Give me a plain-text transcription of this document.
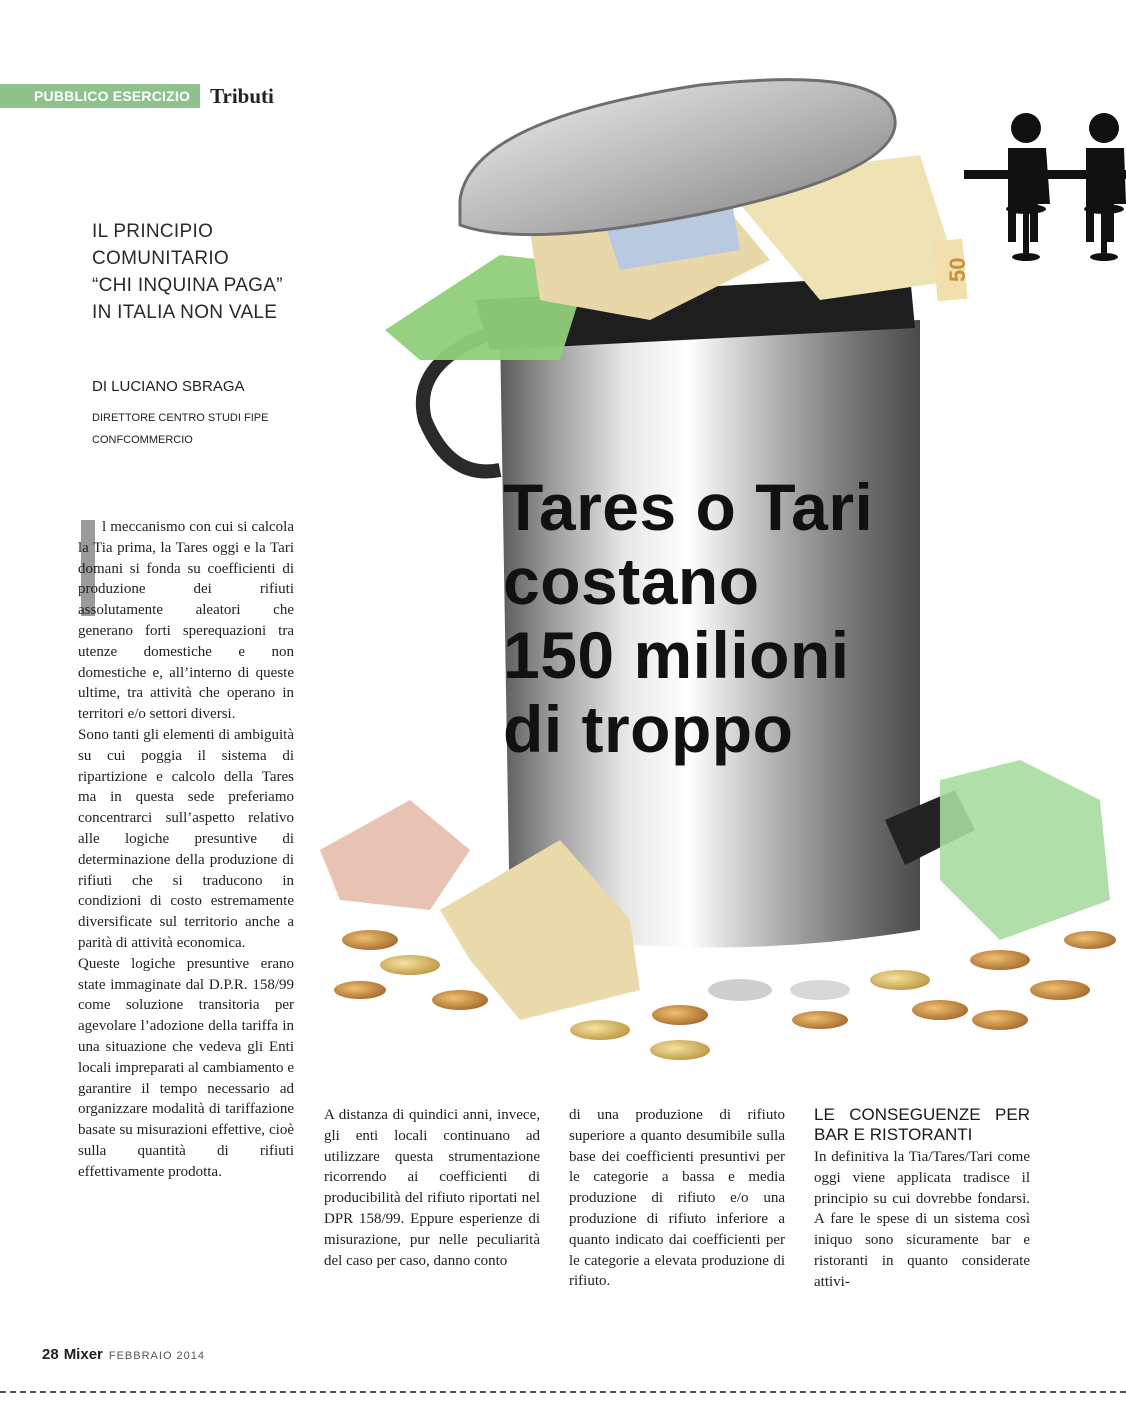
PUBBLICO ESERCIZIO Tributi
50
IL PRINCIPIO
COMUNITARIO
“CHI INQUINA PAGA”
IN ITALIA NON VALE
DI LUCIANO SBRAGA
DIRETTORE CENTRO STUDI FIPE
CONFCOMMERCIO
Tares o Tari
costano
150 milioni
di troppo

l meccanismo con cui si calcola la Tia prima, la Tares oggi e la Tari domani si fonda su coefficienti di produzione dei rifiuti assolutamente aleatori che generano forti sperequazioni tra utenze domestiche e non domestiche e, all’interno di queste ultime, tra attività che operano in territori e/o settori diversi.

Sono tanti gli elementi di ambiguità su cui poggia il sistema di ripartizione e calcolo della Tares ma in questa sede preferiamo concentrarci sull’aspetto relativo alle logiche presuntive di determinazione della produzione di rifiuti che si traducono in condizioni di costo estremamente diversificate sul territorio anche a parità di attività economica.

Queste logiche presuntive erano state immaginate dal D.P.R. 158/99 come soluzione transitoria per agevolare l’adozione della tariffa in una situazione che vedeva gli Enti locali impreparati al cambiamento e garantire il tempo necessario ad organizzare modalità di tariffazione basate su misurazioni effettive, cioè sulla quantità di rifiuti effettivamente prodotta.

A distanza di quindici anni, invece, gli enti locali continuano ad utilizzare questa strumentazione ricorrendo ai coefficienti di producibilità del rifiuto riportati nel DPR 158/99. Eppure esperienze di misurazione, pur nelle peculiarità del caso per caso, danno conto

di una produzione di rifiuto superiore a quanto desumibile sulla base dei coefficienti presuntivi per le categorie a bassa e media produzione di rifiuto e/o una produzione di rifiuto inferiore a quanto indicato dai coefficienti per le categorie a elevata produzione di rifiuto.

LE CONSEGUENZE PER BAR E RISTORANTI

In definitiva la Tia/Tares/Tari come oggi viene applicata tradisce il principio su cui dovrebbe fondarsi. A fare le spese di un sistema così iniquo sono sicuramente bar e ristoranti in quanto considerate attivi-

28 Mixer FEBBRAIO 2014
